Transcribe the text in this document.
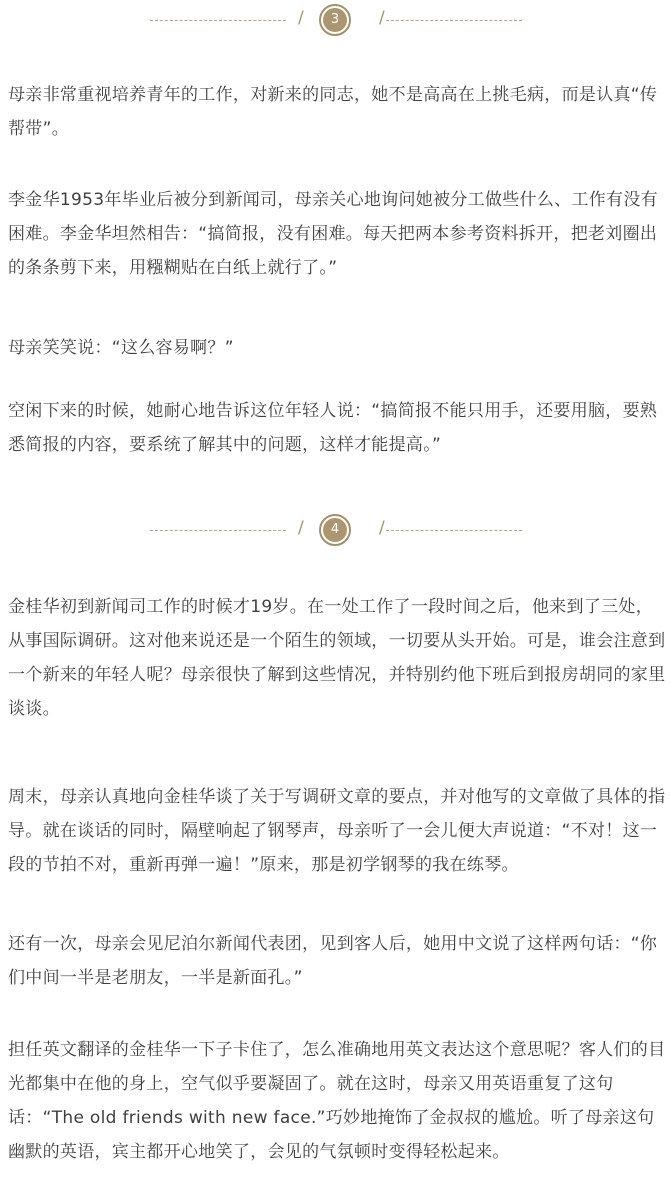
/	3	/

母亲非常重视培养青年的工作，对新来的同志，她不是高高在上挑毛病，而是认真“传帮带”。

李金华1953年毕业后被分到新闻司，母亲关心地询问她被分工做些什么、工作有没有困难。李金华坦然相告：“搞简报，没有困难。每天把两本参考资料拆开，把老刘圈出的条条剪下来，用糨糊贴在白纸上就行了。”

母亲笑笑说：“这么容易啊？”

空闲下来的时候，她耐心地告诉这位年轻人说：“搞简报不能只用手，还要用脑，要熟悉简报的内容，要系统了解其中的问题，这样才能提高。”

/	4	/

金桂华初到新闻司工作的时候才19岁。在一处工作了一段时间之后，他来到了三处，从事国际调研。这对他来说还是一个陌生的领域，一切要从头开始。可是，谁会注意到一个新来的年轻人呢？母亲很快了解到这些情况，并特别约他下班后到报房胡同的家里谈谈。

周末，母亲认真地向金桂华谈了关于写调研文章的要点，并对他写的文章做了具体的指导。就在谈话的同时，隔壁响起了钢琴声，母亲听了一会儿便大声说道：“不对！这一段的节拍不对，重新再弹一遍！”原来，那是初学钢琴的我在练琴。

还有一次，母亲会见尼泊尔新闻代表团，见到客人后，她用中文说了这样两句话：“你们中间一半是老朋友，一半是新面孔。”

担任英文翻译的金桂华一下子卡住了，怎么准确地用英文表达这个意思呢？客人们的目光都集中在他的身上，空气似乎要凝固了。就在这时，母亲又用英语重复了这句话：“The old friends with new face.”巧妙地掩饰了金叔叔的尴尬。听了母亲这句幽默的英语，宾主都开心地笑了，会见的气氛顿时变得轻松起来。
